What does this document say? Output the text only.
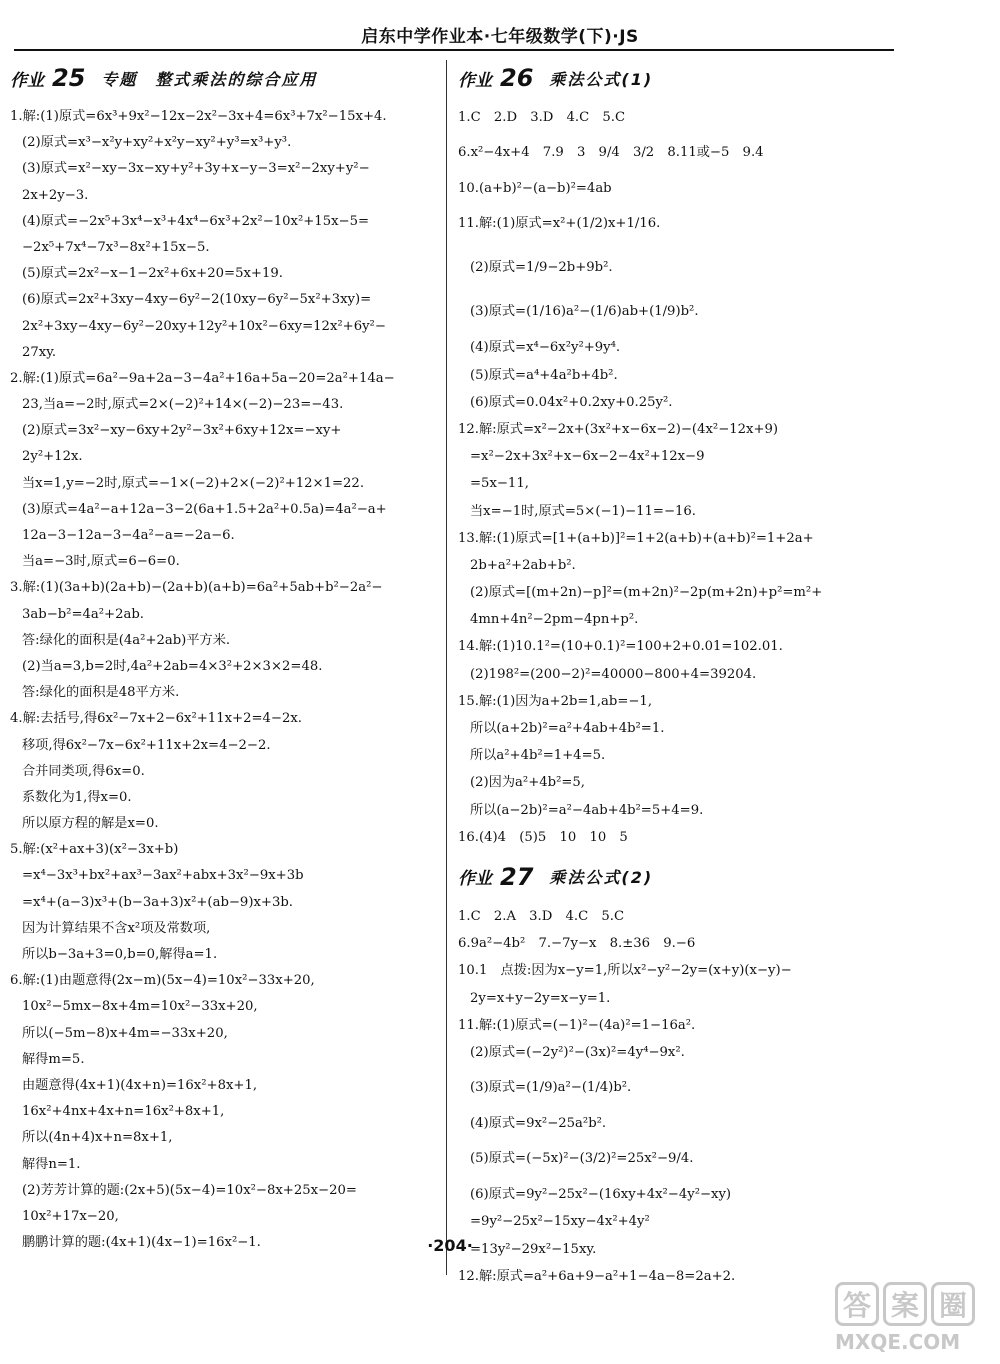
启东中学作业本·七年级数学(下)·JS
作业 25 专题　整式乘法的综合应用
1.解:(1)原式=6x³+9x²−12x−2x²−3x+4=6x³+7x²−15x+4.
(2)原式=x³−x²y+xy²+x²y−xy²+y³=x³+y³.
(3)原式=x²−xy−3x−xy+y²+3y+x−y−3=x²−2xy+y²−
2x+2y−3.
(4)原式=−2x⁵+3x⁴−x³+4x⁴−6x³+2x²−10x²+15x−5=
−2x⁵+7x⁴−7x³−8x²+15x−5.
(5)原式=2x²−x−1−2x²+6x+20=5x+19.
(6)原式=2x²+3xy−4xy−6y²−2(10xy−6y²−5x²+3xy)=
2x²+3xy−4xy−6y²−20xy+12y²+10x²−6xy=12x²+6y²−
27xy.
2.解:(1)原式=6a²−9a+2a−3−4a²+16a+5a−20=2a²+14a−
23,当a=−2时,原式=2×(−2)²+14×(−2)−23=−43.
(2)原式=3x²−xy−6xy+2y²−3x²+6xy+12x=−xy+
2y²+12x.
当x=1,y=−2时,原式=−1×(−2)+2×(−2)²+12×1=22.
(3)原式=4a²−a+12a−3−2(6a+1.5+2a²+0.5a)=4a²−a+
12a−3−12a−3−4a²−a=−2a−6.
当a=−3时,原式=6−6=0.
3.解:(1)(3a+b)(2a+b)−(2a+b)(a+b)=6a²+5ab+b²−2a²−
3ab−b²=4a²+2ab.
答:绿化的面积是(4a²+2ab)平方米.
(2)当a=3,b=2时,4a²+2ab=4×3²+2×3×2=48.
答:绿化的面积是48平方米.
4.解:去括号,得6x²−7x+2−6x²+11x+2=4−2x.
移项,得6x²−7x−6x²+11x+2x=4−2−2.
合并同类项,得6x=0.
系数化为1,得x=0.
所以原方程的解是x=0.
5.解:(x²+ax+3)(x²−3x+b)
=x⁴−3x³+bx²+ax³−3ax²+abx+3x²−9x+3b
=x⁴+(a−3)x³+(b−3a+3)x²+(ab−9)x+3b.
因为计算结果不含x²项及常数项,
所以b−3a+3=0,b=0,解得a=1.
6.解:(1)由题意得(2x−m)(5x−4)=10x²−33x+20,
10x²−5mx−8x+4m=10x²−33x+20,
所以(−5m−8)x+4m=−33x+20,
解得m=5.
由题意得(4x+1)(4x+n)=16x²+8x+1,
16x²+4nx+4x+n=16x²+8x+1,
所以(4n+4)x+n=8x+1,
解得n=1.
(2)芳芳计算的题:(2x+5)(5x−4)=10x²−8x+25x−20=
10x²+17x−20,
鹏鹏计算的题:(4x+1)(4x−1)=16x²−1.
作业 26 乘法公式(1)
1.C　2.D　3.D　4.C　5.C
6.x²−4x+4　7.9　3　9/4　3/2　8.11或−5　9.4
10.(a+b)²−(a−b)²=4ab
11.解:(1)原式=x²+(1/2)x+1/16.
(2)原式=1/9−2b+9b².
(3)原式=(1/16)a²−(1/6)ab+(1/9)b².
(4)原式=x⁴−6x²y²+9y⁴.
(5)原式=a⁴+4a²b+4b².
(6)原式=0.04x²+0.2xy+0.25y².
12.解:原式=x²−2x+(3x²+x−6x−2)−(4x²−12x+9)
=x²−2x+3x²+x−6x−2−4x²+12x−9
=5x−11,
当x=−1时,原式=5×(−1)−11=−16.
13.解:(1)原式=[1+(a+b)]²=1+2(a+b)+(a+b)²=1+2a+
2b+a²+2ab+b².
(2)原式=[(m+2n)−p]²=(m+2n)²−2p(m+2n)+p²=m²+
4mn+4n²−2pm−4pn+p².
14.解:(1)10.1²=(10+0.1)²=100+2+0.01=102.01.
(2)198²=(200−2)²=40000−800+4=39204.
15.解:(1)因为a+2b=1,ab=−1,
所以(a+2b)²=a²+4ab+4b²=1.
所以a²+4b²=1+4=5.
(2)因为a²+4b²=5,
所以(a−2b)²=a²−4ab+4b²=5+4=9.
16.(4)4　(5)5　10　10　5
作业 27 乘法公式(2)
1.C　2.A　3.D　4.C　5.C
6.9a²−4b²　7.−7y−x　8.±36　9.−6
10.1　点拨:因为x−y=1,所以x²−y²−2y=(x+y)(x−y)−
2y=x+y−2y=x−y=1.
11.解:(1)原式=(−1)²−(4a)²=1−16a².
(2)原式=(−2y²)²−(3x)²=4y⁴−9x².
(3)原式=(1/9)a²−(1/4)b².
(4)原式=9x²−25a²b².
(5)原式=(−5x)²−(3/2)²=25x²−9/4.
(6)原式=9y²−25x²−(16xy+4x²−4y²−xy)
=9y²−25x²−15xy−4x²+4y²
=13y²−29x²−15xy.
12.解:原式=a²+6a+9−a²+1−4a−8=2a+2.
·204·
答 案 圈
MXQE.COM
